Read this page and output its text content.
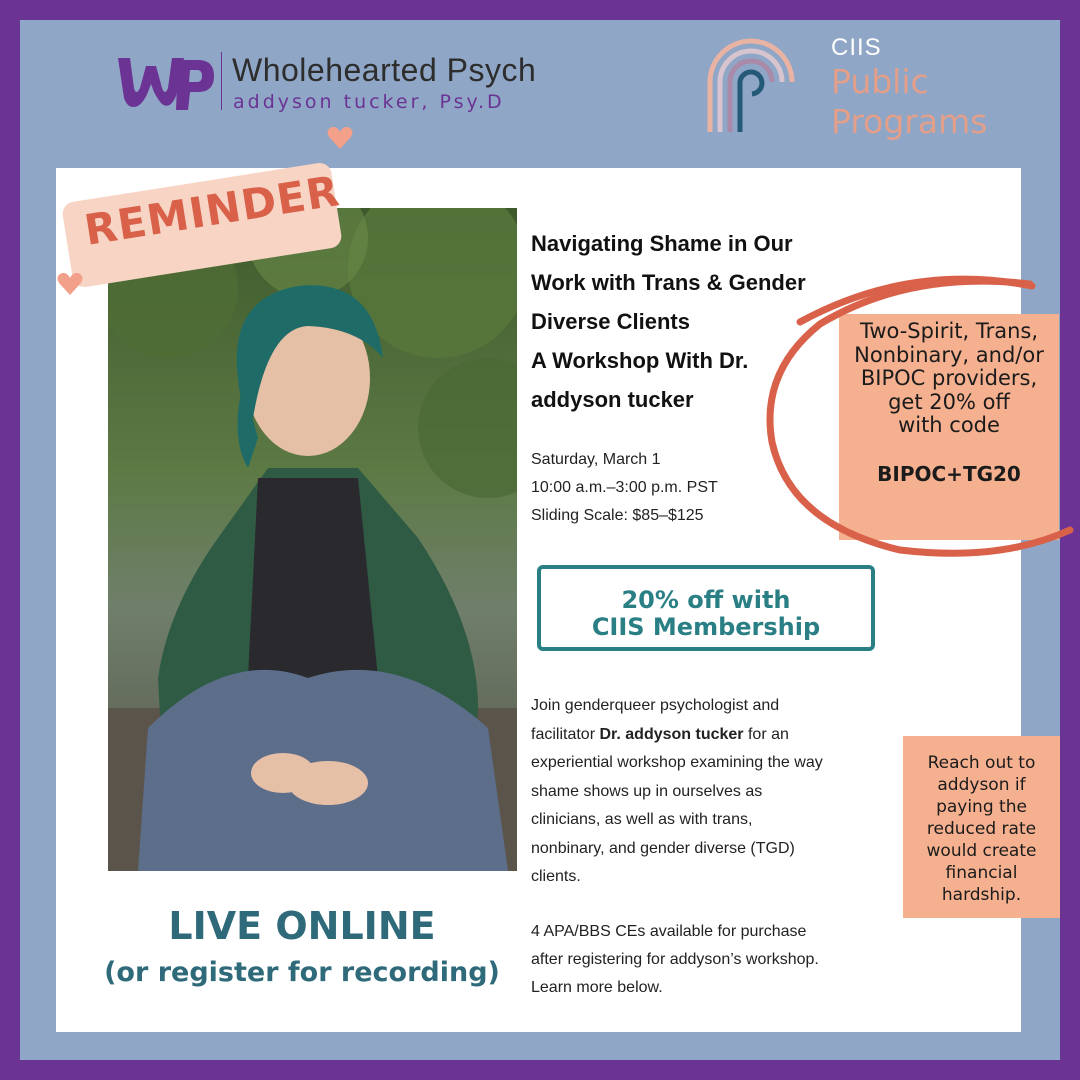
Wholehearted Psych
addyson tucker, Psy.D
CIIS
Public
Programs
REMINDER	Navigating Shame in Our
Work with Trans & Gender
Diverse Clients
A Workshop With Dr.
addyson tucker
Saturday, March 1
10:00 a.m.–3:00 p.m. PST
Sliding Scale: $85–$125
20% off with
CIIS Membership
Join genderqueer psychologist and
facilitator Dr. addyson tucker for an
experiential workshop examining the way
shame shows up in ourselves as
clinicians, as well as with trans,
nonbinary, and gender diverse (TGD)
clients.
4 APA/BBS CEs available for purchase
after registering for addyson’s workshop.
Learn more below.
LIVE ONLINE
(or register for recording)
Two-Spirit, Trans,
Nonbinary, and/or
BIPOC providers,
get 20% off
with code
BIPOC+TG20
Reach out to
addyson if
paying the
reduced rate
would create
financial
hardship.
